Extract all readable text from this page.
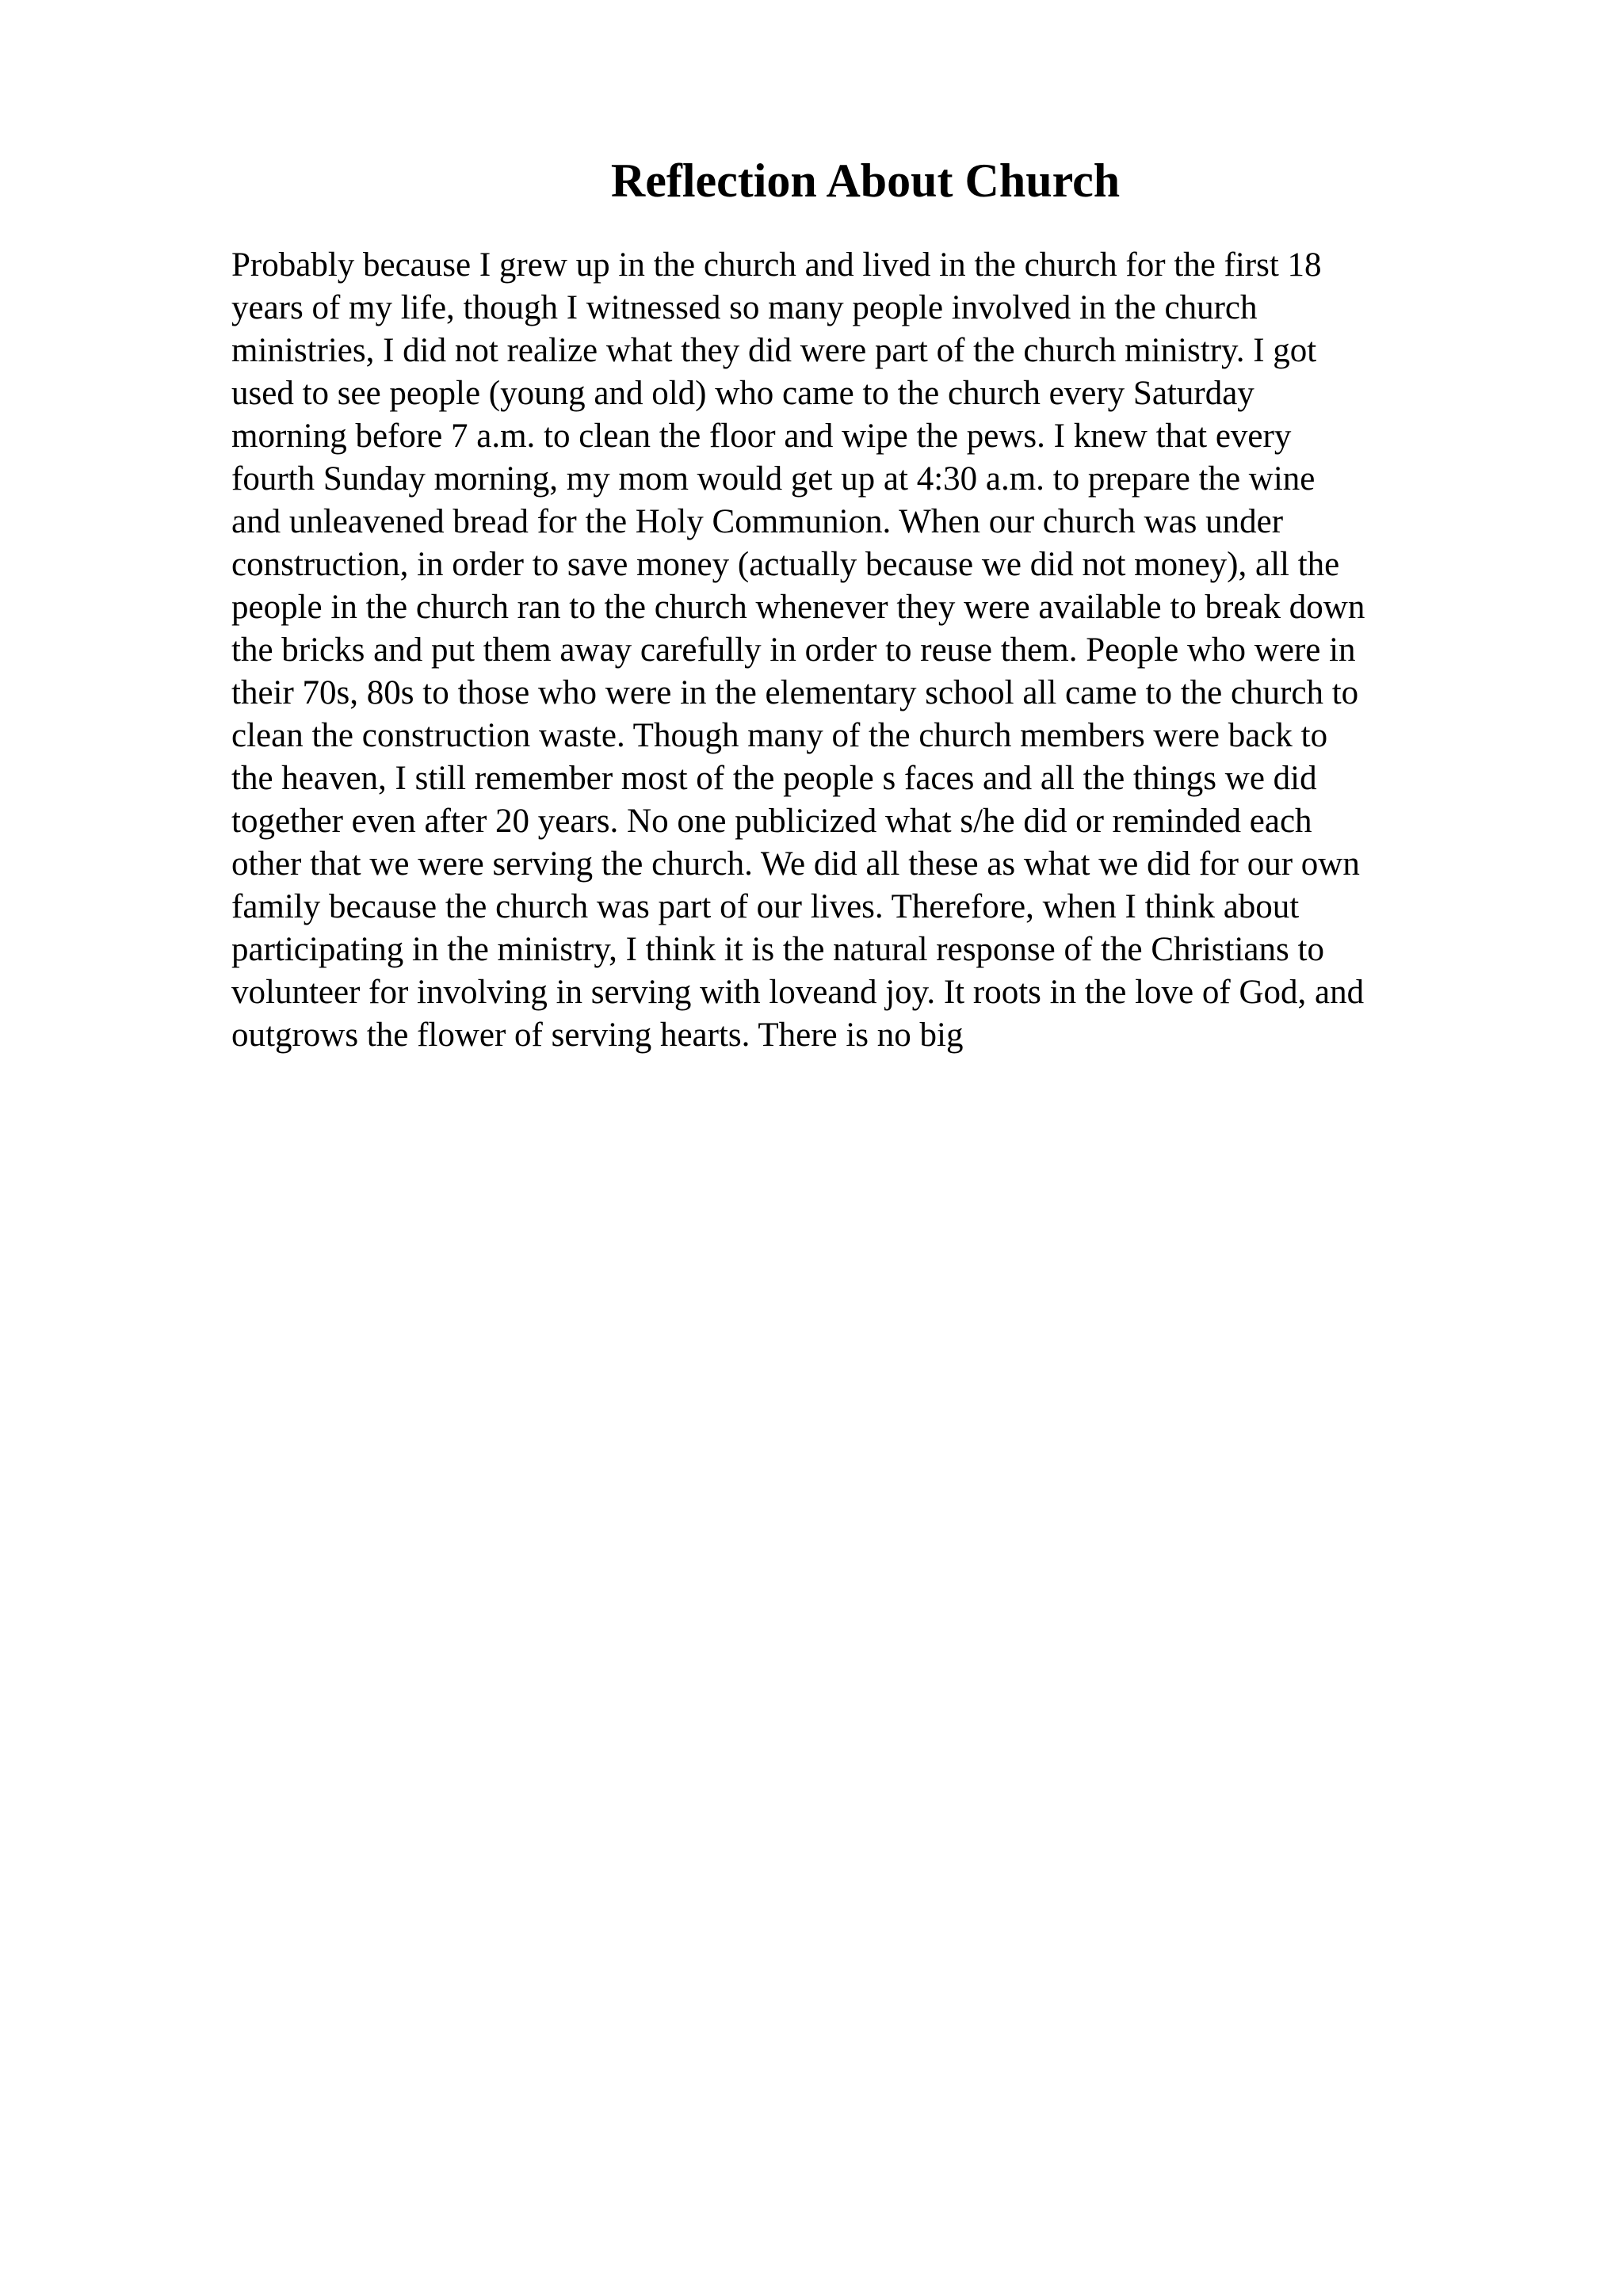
Reflection About Church
Probably because I grew up in the church and lived in the church for the first 18
years of my life, though I witnessed so many people involved in the church
ministries, I did not realize what they did were part of the church ministry. I got
used to see people (young and old) who came to the church every Saturday
morning before 7 a.m. to clean the floor and wipe the pews. I knew that every
fourth Sunday morning, my mom would get up at 4:30 a.m. to prepare the wine
and unleavened bread for the Holy Communion. When our church was under
construction, in order to save money (actually because we did not money), all the
people in the church ran to the church whenever they were available to break down
the bricks and put them away carefully in order to reuse them. People who were in
their 70s, 80s to those who were in the elementary school all came to the church to
clean the construction waste. Though many of the church members were back to
the heaven, I still remember most of the people s faces and all the things we did
together even after 20 years. No one publicized what s/he did or reminded each
other that we were serving the church. We did all these as what we did for our own
family because the church was part of our lives. Therefore, when I think about
participating in the ministry, I think it is the natural response of the Christians to
volunteer for involving in serving with loveand joy. It roots in the love of God, and
outgrows the flower of serving hearts. There is no big
